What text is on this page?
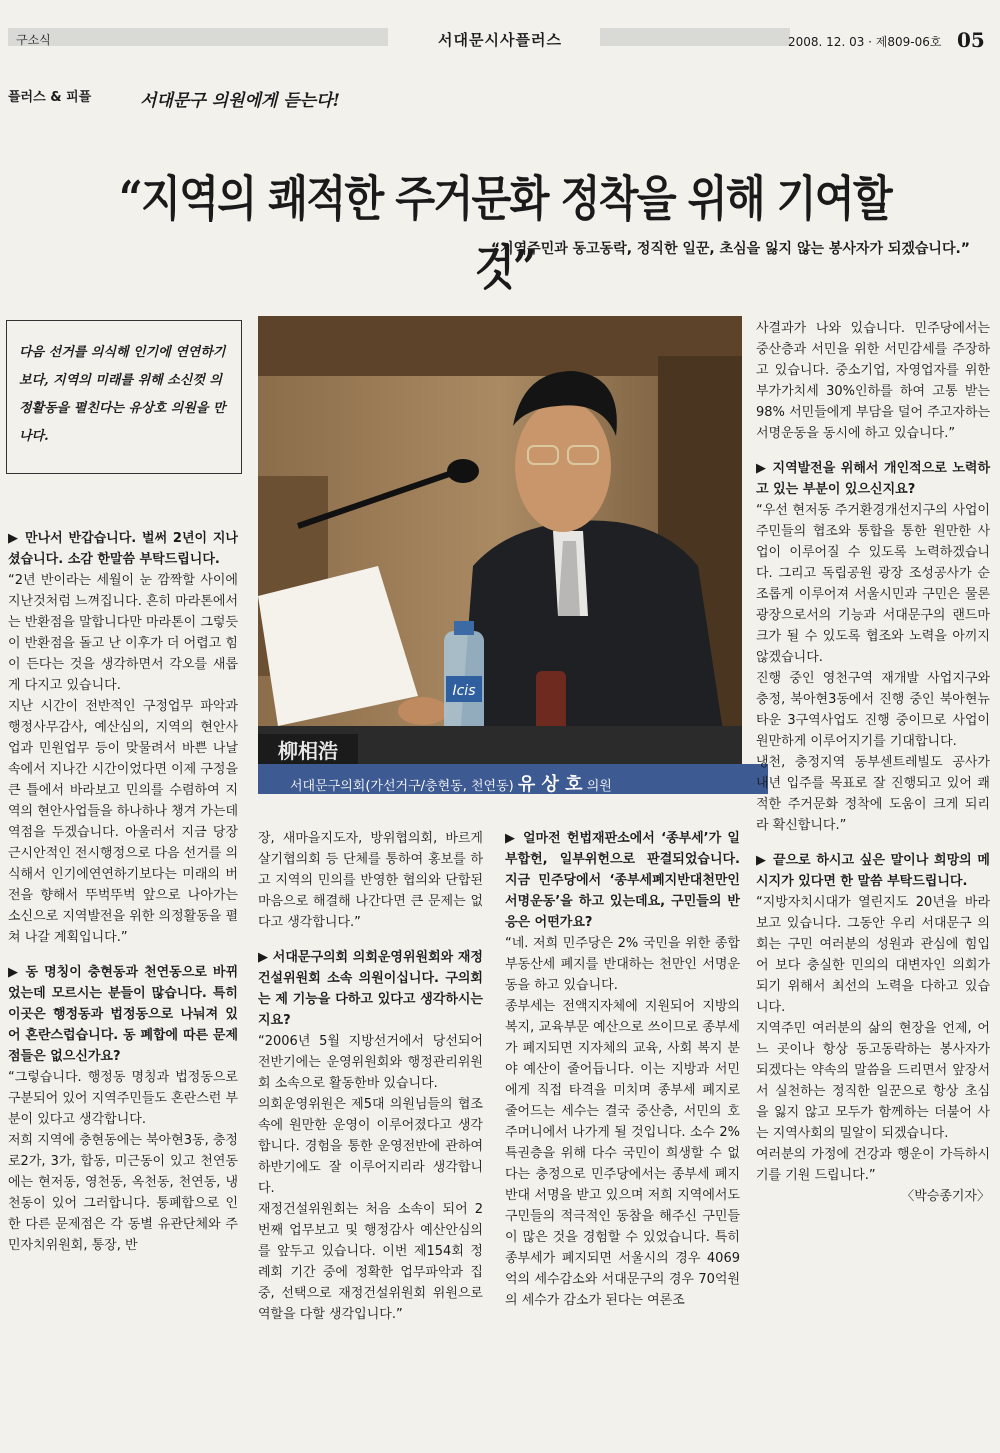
구소식	서대문시사플러스	2008. 12. 03 · 제809-06호 05
플러스 & 피플	서대문구 의원에게 듣는다!
“지역의 쾌적한 주거문화 정착을 위해 기여할 것”
“지역주민과 동고동락, 정직한 일꾼, 초심을 잃지 않는 봉사자가 되겠습니다.”
다음 선거를 의식해 인기에 연연하기보다, 지역의 미래를 위해 소신껏 의정활동을 펼친다는 유상호 의원을 만나다.
Icis
柳相浩
서대문구의회(가선거구/충현동, 천연동) 유 상 호 의원

▶ 만나서 반갑습니다. 벌써 2년이 지나셨습니다. 소감 한말씀 부탁드립니다.

“2년 반이라는 세월이 눈 깜짝할 사이에 지난것처럼 느껴집니다. 흔히 마라톤에서는 반환점을 말합니다만 마라톤이 그렇듯이 반환점을 돌고 난 이후가 더 어렵고 힘이 든다는 것을 생각하면서 각오를 새롭게 다지고 있습니다.

지난 시간이 전반적인 구정업무 파악과 행정사무감사, 예산심의, 지역의 현안사업과 민원업무 등이 맞물려서 바쁜 나날 속에서 지나간 시간이었다면 이제 구정을 큰 틀에서 바라보고 민의를 수렴하여 지역의 현안사업들을 하나하나 챙겨 가는데 역점을 두겠습니다. 아울러서 지금 당장 근시안적인 전시행정으로 다음 선거를 의식해서 인기에연연하기보다는 미래의 버전을 향해서 뚜벅뚜벅 앞으로 나아가는 소신으로 지역발전을 위한 의정활동을 펼쳐 나갈 계획입니다.”

▶ 동 명칭이 충현동과 천연동으로 바뀌었는데 모르시는 분들이 많습니다. 특히 이곳은 행정동과 법정동으로 나눠져 있어 혼란스럽습니다. 동 폐합에 따른 문제점들은 없으신가요?

“그렇습니다. 행정동 명칭과 법정동으로 구분되어 있어 지역주민들도 혼란스런 부분이 있다고 생각합니다.

저희 지역에 충현동에는 북아현3동, 충정로2가, 3가, 합동, 미근동이 있고 천연동에는 현저동, 영천동, 옥천동, 천연동, 냉천동이 있어 그러합니다. 통폐합으로 인한 다른 문제점은 각 동별 유관단체와 주민자치위원회, 통장, 반

장, 새마을지도자, 방위협의회, 바르게살기협의회 등 단체를 통하여 홍보를 하고 지역의 민의를 반영한 협의와 단합된 마음으로 해결해 나간다면 큰 문제는 없다고 생각합니다.”

▶ 서대문구의회 의회운영위원회와 재정건설위원회 소속 의원이십니다. 구의회는 제 기능을 다하고 있다고 생각하시는지요?

“2006년 5월 지방선거에서 당선되어 전반기에는 운영위원회와 행정관리위원회 소속으로 활동한바 있습니다.

의회운영위원은 제5대 의원님들의 협조 속에 원만한 운영이 이루어졌다고 생각합니다. 경험을 통한 운영전반에 관하여 하반기에도 잘 이루어지리라 생각합니다.

재정건설위원회는 처음 소속이 되어 2번째 업무보고 및 행정감사 예산안심의를 앞두고 있습니다. 이번 제154회 정례회 기간 중에 정확한 업무파악과 집중, 선택으로 재정건설위원회 위원으로 역할을 다할 생각입니다.”

▶ 얼마전 헌법재판소에서 ‘종부세’가 일부합헌, 일부위헌으로 판결되었습니다. 지금 민주당에서 ‘종부세폐지반대천만인서명운동’을 하고 있는데요, 구민들의 반응은 어떤가요?

“네. 저희 민주당은 2% 국민을 위한 종합부동산세 폐지를 반대하는 천만인 서명운동을 하고 있습니다.

종부세는 전액지자체에 지원되어 지방의 복지, 교육부문 예산으로 쓰이므로 종부세가 폐지되면 지자체의 교육, 사회 복지 분야 예산이 줄어듭니다. 이는 지방과 서민에게 직접 타격을 미치며 종부세 폐지로 줄어드는 세수는 결국 중산층, 서민의 호주머니에서 나가게 될 것입니다. 소수 2% 특권층을 위해 다수 국민이 희생할 수 없다는 충정으로 민주당에서는 종부세 폐지 반대 서명을 받고 있으며 저희 지역에서도 구민들의 적극적인 동참을 해주신 구민들이 많은 것을 경험할 수 있었습니다. 특히 종부세가 폐지되면 서울시의 경우 4069억의 세수감소와 서대문구의 경우 70억원의 세수가 감소가 된다는 여론조

사결과가 나와 있습니다. 민주당에서는 중산층과 서민을 위한 서민감세를 주장하고 있습니다. 중소기업, 자영업자를 위한 부가가치세 30%인하를 하여 고통 받는 98% 서민들에게 부담을 덜어 주고자하는 서명운동을 동시에 하고 있습니다.”

▶ 지역발전을 위해서 개인적으로 노력하고 있는 부분이 있으신지요?

“우선 현저동 주거환경개선지구의 사업이 주민들의 협조와 통합을 통한 원만한 사업이 이루어질 수 있도록 노력하겠습니다. 그리고 독립공원 광장 조성공사가 순조롭게 이루어져 서울시민과 구민은 물론 광장으로서의 기능과 서대문구의 랜드마크가 될 수 있도록 협조와 노력을 아끼지 않겠습니다.

진행 중인 영천구역 재개발 사업지구와 충정, 북아현3동에서 진행 중인 북아현뉴타운 3구역사업도 진행 중이므로 사업이 원만하게 이루어지기를 기대합니다.

냉천, 충정지역 동부센트레빌도 공사가 내년 입주를 목표로 잘 진행되고 있어 쾌적한 주거문화 정착에 도움이 크게 되리라 확신합니다.”

▶ 끝으로 하시고 싶은 말이나 희망의 메시지가 있다면 한 말씀 부탁드립니다.

“지방자치시대가 열린지도 20년을 바라보고 있습니다. 그동안 우리 서대문구 의회는 구민 여러분의 성원과 관심에 힘입어 보다 충실한 민의의 대변자인 의회가 되기 위해서 최선의 노력을 다하고 있습니다.

지역주민 여러분의 삶의 현장을 언제, 어느 곳이나 항상 동고동락하는 봉사자가 되겠다는 약속의 말씀을 드리면서 앞장서서 실천하는 정직한 일꾼으로 항상 초심을 잃지 않고 모두가 함께하는 더불어 사는 지역사회의 밀알이 되겠습니다.

여러분의 가정에 건강과 행운이 가득하시기를 기원 드립니다.”

〈박승종기자〉
